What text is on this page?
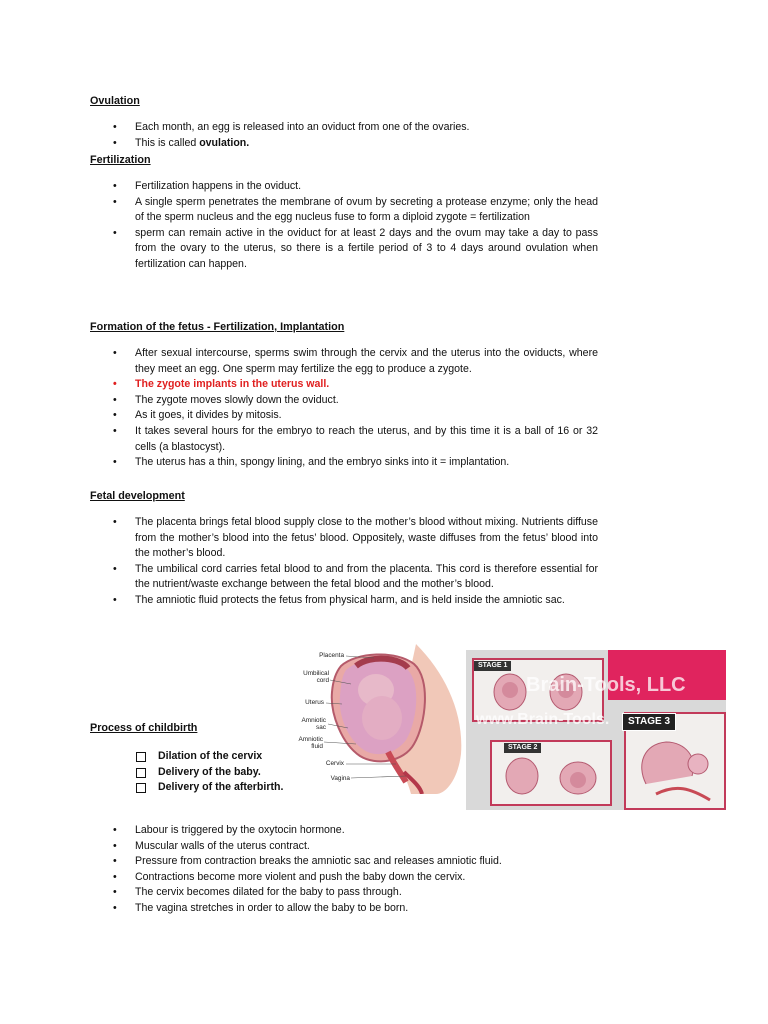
Ovulation
• Each month, an egg is released into an oviduct from one of the ovaries.
• This is called ovulation.
Fertilization
• Fertilization happens in the oviduct.
• A single sperm penetrates the membrane of ovum by secreting a protease enzyme; only the head of the sperm nucleus and the egg nucleus fuse to form a diploid zygote = fertilization
• sperm can remain active in the oviduct for at least 2 days and the ovum may take a day to pass from the ovary to the uterus, so there is a fertile period of 3 to 4 days around ovulation when fertilization can happen.
Formation of the fetus - Fertilization, Implantation
• After sexual intercourse, sperms swim through the cervix and the uterus into the oviducts, where they meet an egg. One sperm may fertilize the egg to produce a zygote.
• The zygote implants in the uterus wall.
• The zygote moves slowly down the oviduct.
• As it goes, it divides by mitosis.
• It takes several hours for the embryo to reach the uterus, and by this time it is a ball of 16 or 32 cells (a blastocyst).
• The uterus has a thin, spongy lining, and the embryo sinks into it = implantation.
Fetal development
• The placenta brings fetal blood supply close to the mother’s blood without mixing. Nutrients diffuse from the mother’s blood into the fetus’ blood. Oppositely, waste diffuses from the fetus’ blood into the mother’s blood.
• The umbilical cord carries fetal blood to and from the placenta. This cord is therefore essential for the nutrient/waste exchange between the fetal blood and the mother’s blood.
• The amniotic fluid protects the fetus from physical harm, and is held inside the amniotic sac.
Placenta
Umbilical cord
Uterus
Amniotic sac
Amniotic fluid
Cervix
Vagina
STAGE 1
STAGE 2
STAGE 3
Brain-Tools, LLC
www.Brain-Tools.
Process of childbirth
Dilation of the cervix
Delivery of the baby.
Delivery of the afterbirth.
• Labour is triggered by the oxytocin hormone.
• Muscular walls of the uterus contract.
• Pressure from contraction breaks the amniotic sac and releases amniotic fluid.
• Contractions become more violent and push the baby down the cervix.
• The cervix becomes dilated for the baby to pass through.
• The vagina stretches in order to allow the baby to be born.
